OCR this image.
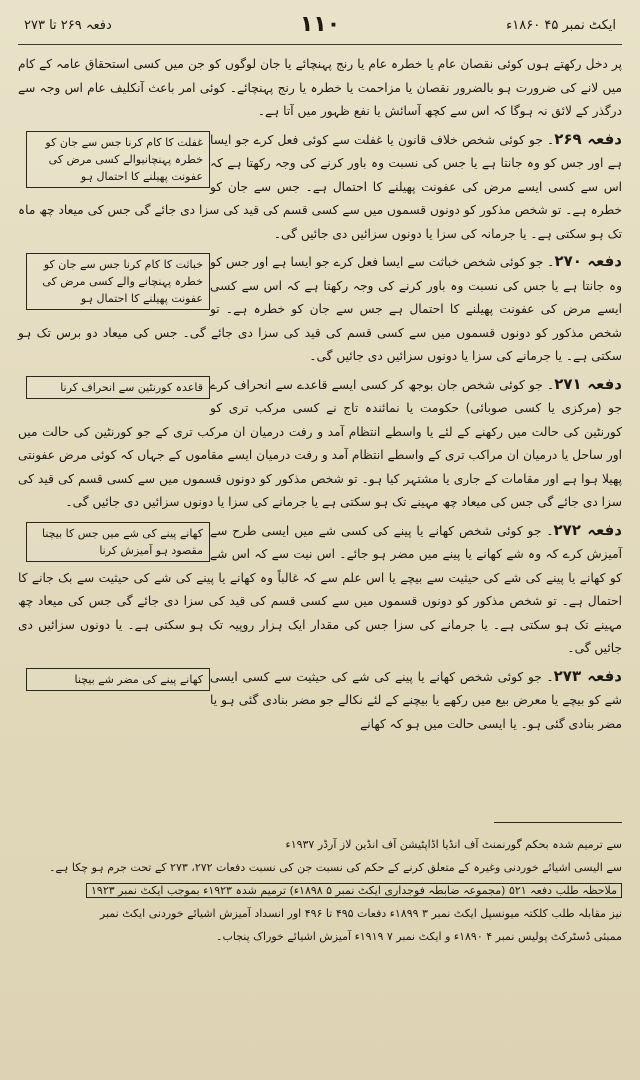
دفعہ ۲۶۹ تا ۲۷۳	۱۱۰	ایکٹ نمبر ۴۵ ۱۸۶۰ء

پر دخل رکھتے ہوں کوئی نقصان عام یا خطرہ عام یا رنج پہنچائے یا جان لوگوں کو جن میں کسی استحقاق عامہ کے کام میں لانے کی ضرورت ہو بالضرور نقصان یا مزاحمت یا خطرہ یا رنج پہنچائے۔ کوئی امر باعث آنکلیف عام اس وجہ سے درگذر کے لائق نہ ہوگا کہ اس سے کچھ آسائش یا نفع ظہور میں آتا ہے۔

غفلت کا کام کرنا جس سے جان کو خطرہ پہنچانیوالے کسی مرض کی عفونت پھیلنے کا احتمال ہو
دفعہ ۲۶۹۔ جو کوئی شخص خلاف قانون یا غفلت سے کوئی فعل کرے جو ایسا ہے اور جس کو وہ جانتا ہے یا جس کی نسبت وہ باور کرنے کی وجہ رکھتا ہے کہ اس سے کسی ایسے مرض کی عفونت پھیلنے کا احتمال ہے۔ جس سے جان کو خطرہ ہے۔ تو شخص مذکور کو دونوں قسموں میں سے کسی قسم کی قید کی سزا دی جائے گی جس کی میعاد چھ ماہ تک ہو سکتی ہے۔ یا جرمانہ کی سزا یا دونوں سزائیں دی جائیں گی۔

خباثت کا کام کرنا جس سے جان کو خطرہ پہنچانے والے کسی مرض کی عفونت پھیلنے کا احتمال ہو
دفعہ ۲۷۰۔ جو کوئی شخص خباثت سے ایسا فعل کرے جو ایسا ہے اور جس کو وہ جانتا ہے یا جس کی نسبت وہ باور کرنے کی وجہ رکھتا ہے کہ اس سے کسی ایسے مرض کی عفونت پھیلنے کا احتمال ہے جس سے جان کو خطرہ ہے۔ تو شخص مذکور کو دونوں قسموں میں سے کسی قسم کی قید کی سزا دی جائے گی۔ جس کی میعاد دو برس تک ہو سکتی ہے۔ یا جرمانے کی سزا یا دونوں سزائیں دی جائیں گی۔

قاعدہ کورنٹین سے انحراف کرنا	دفعہ ۲۷۱۔ جو کوئی شخص جان بوجھ کر کسی ایسے قاعدے سے انحراف کرے جو (مرکزی یا کسی صوبائی) حکومت یا نمائندہ تاج نے کسی مرکب تری کو کورنٹین کی حالت میں رکھنے کے لئے یا واسطے انتظام آمد و رفت درمیان ان مرکب تری کے جو کورنٹین کی حالت میں اور ساحل یا درمیان ان مراکب تری کے واسطے انتظام آمد و رفت درمیان ایسے مقاموں کے جہاں کہ کوئی مرض عفونتی پھیلا ہوا ہے اور مقامات کے جاری یا مشتہر کیا ہو۔ تو شخص مذکور کو دونوں قسموں میں سے کسی قسم کی قید کی سزا دی جائے گی جس کی میعاد چھ مہینے تک ہو سکتی ہے یا جرمانے کی سزا یا دونوں سزائیں دی جائیں گی۔

کھانے پینے کی شے میں جس کا بیچنا مقصود ہو آمیزش کرنا
دفعہ ۲۷۲۔ جو کوئی شخص کھانے یا پینے کی کسی شے میں ایسی طرح سے آمیزش کرے کہ وہ شے کھانے یا پینے میں مضر ہو جائے۔ اس نیت سے کہ اس شے کو کھانے یا پینے کی شے کی حیثیت سے بیچے یا اس علم سے کہ غالباً وہ کھانے یا پینے کی شے کی حیثیت سے بک جانے کا احتمال ہے۔ تو شخص مذکور کو دونوں قسموں میں سے کسی قسم کی قید کی سزا دی جائے گی جس کی میعاد چھ مہینے تک ہو سکتی ہے۔ یا جرمانے کی سزا جس کی مقدار ایک ہزار روپیہ تک ہو سکتی ہے۔ یا دونوں سزائیں دی جائیں گی۔

کھانے پینے کی مضر شے بیچنا	دفعہ ۲۷۳۔ جو کوئی شخص کھانے یا پینے کی شے کی حیثیت سے کسی ایسی شے کو بیچے یا معرض بیع میں رکھے یا بیچنے کے لئے نکالے جو مضر بنادی گئی ہو یا مضر بنادی گئی ہو۔ یا ایسی حالت میں ہو کہ کھانے

سے ترمیم شدہ بحکم گورنمنٹ آف انڈیا اڈاپٹیشن آف انڈین لاز آرڈر ۱۹۳۷ء
سے الیسی اشیائے خوردنی وغیرہ کے متعلق کرنے کے حکم کی نسبت جن کی نسبت دفعات ۲۷۲، ۲۷۳ کے تحت جرم ہو چکا ہے۔
ملاحظہ طلب دفعہ ۵۲۱ (مجموعہ ضابطہ فوجداری ایکٹ نمبر ۵ ۱۸۹۸ء) ترمیم شدہ ۱۹۲۳ء بموجب ایکٹ نمبر ۱۹۲۳
نیز مقابلہ طلب کلکتہ میونسپل ایکٹ نمبر ۳ ۱۸۹۹ء دفعات ۴۹۵ تا ۴۹۶ اور انسداد آمیزش اشیائے خوردنی ایکٹ نمبر
ممبئی ڈسٹرکٹ پولیس نمبر ۴ ۱۸۹۰ء و ایکٹ نمبر ۷ ۱۹۱۹ء آمیزش اشیائے خوراک پنجاب۔
